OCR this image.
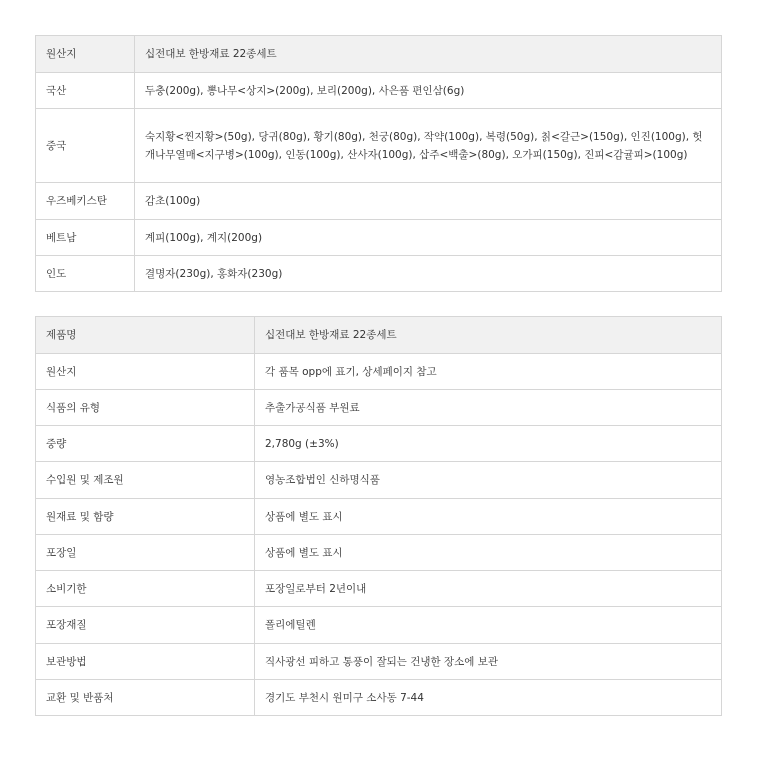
원산지	십전대보 한방재료 22종세트
국산	두충(200g), 뽕나무<상지>(200g), 보리(200g), 사은품 편인삼(6g)
중국	숙지황<찐지황>(50g), 당귀(80g), 황기(80g), 천궁(80g), 작약(100g), 복령(50g), 칡<갈근>(150g), 인진(100g), 헛개나무열매<지구병>(100g), 인동(100g), 산사자(100g), 삽주<백출>(80g), 오가피(150g), 진피<감귤피>(100g)
우즈베키스탄	감초(100g)
베트남	계피(100g), 계지(200g)
인도	결명자(230g), 홍화자(230g)
제품명	십전대보 한방재료 22종세트
원산지	각 품목 opp에 표기, 상세페이지 참고
식품의 유형	추출가공식품 부원료
중량	2,780g (±3%)
수입원 및 제조원	영농조합법인 신하명식품
원재료 및 함량	상품에 별도 표시
포장일	상품에 별도 표시
소비기한	포장일로부터 2년이내
포장재질	폴리에틸렌
보관방법	직사광선 피하고 통풍이 잘되는 건냉한 장소에 보관
교환 및 반품처	경기도 부천시 원미구 소사동 7-44
